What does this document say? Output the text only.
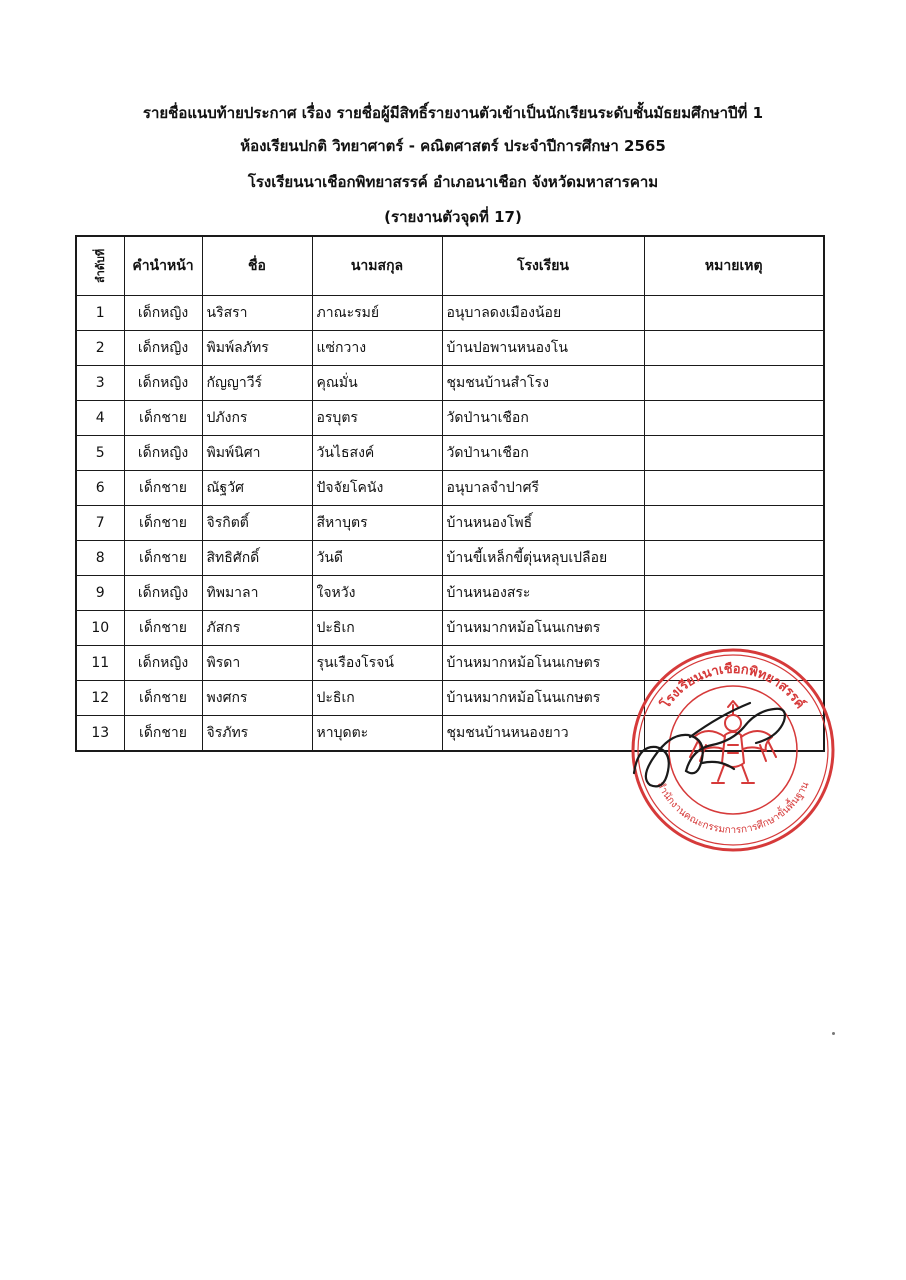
รายชื่อแนบท้ายประกาศ เรื่อง รายชื่อผู้มีสิทธิ์รายงานตัวเข้าเป็นนักเรียนระดับชั้นมัธยมศึกษาปีที่ 1
ห้องเรียนปกติ วิทยาศาตร์ - คณิตศาสตร์ ประจำปีการศึกษา 2565
โรงเรียนนาเชือกพิทยาสรรค์ อำเภอนาเชือก จังหวัดมหาสารคาม
(รายงานตัวจุดที่ 17)
ลำดับที่	คำนำหน้า	ชื่อ	นามสกุล	โรงเรียน	หมายเหตุ
1	เด็กหญิง	นริสรา	ภาณะรมย์	อนุบาลดงเมืองน้อย	
2	เด็กหญิง	พิมพ์ลภัทร	แซ่กวาง	บ้านปอพานหนองโน	
3	เด็กหญิง	กัญญาวีร์	คุณมั่น	ชุมชนบ้านสำโรง	
4	เด็กชาย	ปภังกร	อรบุตร	วัดป่านาเชือก	
5	เด็กหญิง	พิมพ์นิศา	วันไธสงค์	วัดป่านาเชือก	
6	เด็กชาย	ณัฐวัศ	ปัจจัยโคนัง	อนุบาลจำปาศรี	
7	เด็กชาย	จิรกิตติ์	สีหาบุตร	บ้านหนองโพธิ์	
8	เด็กชาย	สิทธิศักดิ์	วันดี	บ้านขี้เหล็กขี้ตุ่นหลุบเปลือย	
9	เด็กหญิง	ทิพมาลา	ใจหวัง	บ้านหนองสระ	
10	เด็กชาย	ภัสกร	ปะธิเก	บ้านหมากหม้อโนนเกษตร	
11	เด็กหญิง	พิรดา	รุนเรืองโรจน์	บ้านหมากหม้อโนนเกษตร	
12	เด็กชาย	พงศกร	ปะธิเก	บ้านหมากหม้อโนนเกษตร	
13	เด็กชาย	จิรภัทร	หาบุดตะ	ชุมชนบ้านหนองยาว	
โรงเรียนนาเชือกพิทยาสรรค์
สำนักงานคณะกรรมการการศึกษาขั้นพื้นฐาน
